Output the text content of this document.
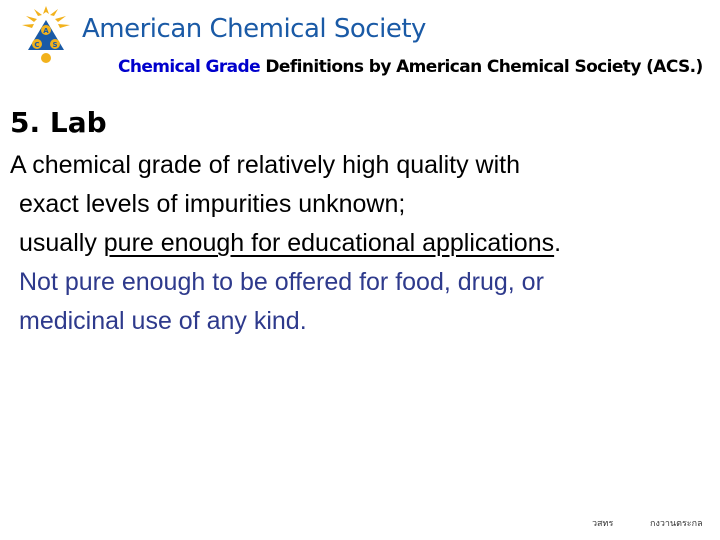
A
C S
American Chemical Society
Chemical Grade Definitions by American Chemical Society (ACS.)
5. Lab
A chemical grade of relatively high quality with
exact levels of impurities unknown;
usually pure enough for educational applications.
Not pure enough to be offered for food, drug, or
medicinal use of any kind.
วสทร	กงวานตระกล
